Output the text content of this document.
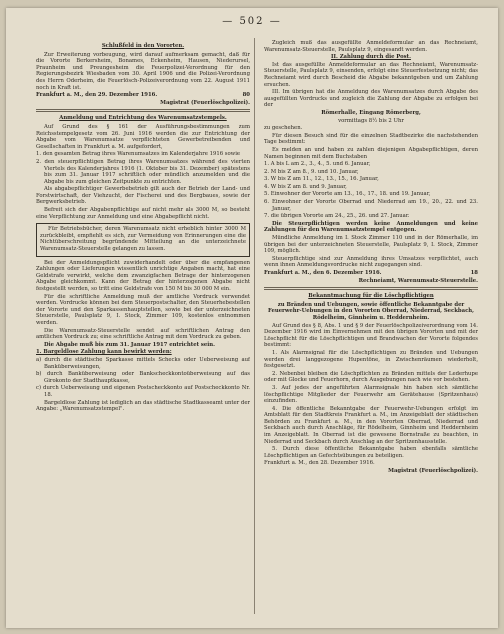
— 502 —

Schlußfeld in den Vororten.

Zur Erweiterung vorbeugung, wird darauf aufmerksam gemacht, daß für die Vororte Berkersheim, Bonames, Eckenheim, Hausen, Niederursel, Praunheim und Preungesheim die Feuerpolizei-Verordnung für den Regierungsbezirk Wiesbaden vom 30. April 1906 und die Polizei-Verordnung des Herrn Oderheim, die Feuerlösch-Polizeiverordnung vom 22. August 1911 noch in Kraft ist.

Frankfurt a. M., den 29. Dezember 1916.	80

Magistrat (Feuerlöschpolizei).

Anmeldung und Entrichtung des Warenumsatzstempels.

Auf Grund des § 161 der Ausführungsbestimmungen zum Reichsstempelgesetz vom 26. Juni 1916 werden die zur Entrichtung der Abgabe vom Warenumsatze verpflichteten Gewerbetreibenden und Gesellschaften in Frankfurt a. M. aufgefordert,

1. den gesamten Betrag ihres Warenumsatzes im Kalenderjahre 1916 sowie

2. den steuerpflichtigen Betrag ihres Warenumsatzes während des vierten Viertels des Kalenderjahres 1916 (1. Oktober bis 31. Dezember) spätestens bis zum 31. Januar 1917 schriftlich oder mündlich anzumelden und die Abgabe bis zum gleichen Zeitpunkte zu entrichten.

Als abgabepflichtiger Gewerbebetrieb gilt auch der Betrieb der Land- und Forstwirtschaft, der Viehzucht, der Fischerei und des Bergbaues, sowie der Bergwerksbetrieb.

Befreit sich der Abgabenpflichtige auf nicht mehr als 3000 M, so besteht eine Verpflichtung zur Anmeldung und eine Abgabepflicht nicht.

Für Betriebsbücher, deren Warenumsatz nicht erheblich hinter 3000 M zurückbleibt, empfiehlt es sich, zur Vermeidung von Erinnerungen eine die Nichtüberschreitung begründende Mitteilung an die unterzeichnete Warenumsatz-Steuerstelle gelangen zu lassen.

Bei der Anmeldungspflicht zuwiderhandelt oder über die empfangenen Zahlungen oder Lieferungen wissentlich unrichtige Angaben macht, hat eine Geldstrafe verwirkt, welche dem zwanzigfachen Betrage der hinterzogenen Abgabe gleichkommt. Kann der Betrag der hinterzogenen Abgabe nicht festgestellt werden, so tritt eine Geldstrafe von 150 M bis 30 000 M ein.

Für die schriftliche Anmeldung muß der amtliche Vordruck verwendet werden. Vordrucke können bei dem Steuerpostschalter, den Steuerhebestellen der Vororte und den Sparkassenhauptstellen, sowie bei der unterzeichneten Steuerstelle, Paulsplatz 9, I. Stock, Zimmer 109, kostenlos entnommen werden.

Die Warenumsatz-Steuerstelle sendet auf schriftlichen Antrag den amtlichen Vordruck zu; eine schriftliche Antrag mit dem Vordruck zu geben.

Die Abgabe muß bis zum 31. Januar 1917 entrichtet sein.

1. Bargeldlose Zahlung kann bewirkt werden:

a) durch die städtische Sparkasse mittels Schecks oder Ueberweisung auf Banküberweisungen,

b) durch Banküberweisung oder Bankscheckkontoüberweisung auf das Girokonto der Stadthauptkasse,

c) durch Ueberweisung und eigenen Postscheckkonto auf Postscheckkonto Nr. 18.

Bargeldlose Zahlung ist lediglich an das städtische Stadtkasseamt unter der Angabe: „Warenumsatzstempel".

Zugleich muß das ausgefüllte Anmeldeformular an das Rechneiamt, Warenumsatz-Steuerstelle, Paulsplatz 9, eingesandt werden.

II. Zahlung durch die Post.

Ist das ausgefüllte Anmeldeformular an das Rechneiamt, Warenumsatz-Steuerstelle, Paulsplatz 9, einsenden, erfolgt eine Steuerfestsetzung nicht; das Rechneiamt wird durch Bescheid die Abgabe bekanntgeben und um Zahlung ersuchen.

III. Im übrigen hat die Anmeldung des Warenumsatzes durch Abgabe des ausgefüllten Vordrucks und zugleich die Zahlung der Abgabe zu erfolgen bei der

Römerhalle, Eingang Römerberg,

vormittags 8½ bis 2 Uhr

zu geschehen.

Für diesen Besuch sind für die einzelnen Stadtbezirke die nachstehenden Tage bestimmt:

Es melden an und haben zu zahlen diejenigen Abgabepflichtigen, deren Namen beginnen mit dem Buchstaben

1. A bis L am 2., 3., 4., 5. und 6. Januar,

2. M bis Z am 8., 9. und 10. Januar,

3. W bis Z am 11., 12., 13., 15., 16. Januar,

4. W bis Z am 8. und 9. Januar,

5. Einwohner der Vororte am 13., 16., 17., 18. und 19. Januar,

6. Einwohner der Vororte Oberrad und Niederrad am 19., 20., 22. und 23. Januar,

7. die übrigen Vororte am 24., 25., 26. und 27. Januar.

Die Steuerpflichtigen werden keine Anmeldungen und keine Zahlungen für den Warenumsatzstempel entgegen.

Mündliche Anmeldung im I. Stock Zimmer 110 und in der Römerhalle, im übrigen bei der unterzeichneten Steuerstelle, Paulsplatz 9, I. Stock, Zimmer 109, möglich.

Steuerpflichtige sind zur Anmeldung ihres Umsatzes verpflichtet, auch wenn ihnen Anmeldungsvordrucke nicht zugegangen sind.

Frankfurt a. M., den 6. Dezember 1916.	18

Rechneiamt, Warenumsatz-Steuerstelle.

Bekanntmachung für die Löschpflichtigen

zu Bränden und Uebungen, sowie öffentliche Bekanntgabe der Feuerwehr-Uebungen in den Vororten Oberrad, Niederrad, Seckbach, Rödelheim, Ginnheim u. Heddernheim.

Auf Grund des § 8, Abs. 1 und § 9 der Feuerlöschpolizeiverordnung vom 14. Dezember 1916 wird im Einvernehmen mit den übrigen Vororten und mit der Löschpflicht für die Löschpflichtigen und Brandwachen der Vororte folgendes bestimmt:

1. Als Alarmsignal für die Löschpflichtigen zu Bränden und Uebungen werden drei langgezogene Hupentöne, in Zwischenräumen wiederholt, festgesetzt.

2. Nebenbei bleiben die Löschpflichten zu Bränden mittels der Lederhupe oder mit Glocke und Feuerhorn, durch Ausgebungen nach wie vor bestehen.

3. Auf jedes der angeführten Alarmsignale hin haben sich sämtliche löschpflichtige Mitglieder der Feuerwehr am Gerätehause (Spritzenhaus) einzufinden.

4. Die öffentliche Bekanntgabe der Feuerwehr-Uebungen erfolgt im Amtsblatt für den Stadtkreis Frankfurt a. M., im Anzeigeblatt der städtischen Behörden zu Frankfurt a. M., in den Vororten Oberrad, Niederrad und Seckbach auch durch Anschläge, für Rödelheim, Ginnheim und Heddernheim im Anzeigeblatt. In Oberrad ist die gewesene Bornstraße zu beachten, in Niederrad und Seckbach durch Anschlag an der Spritzenhausstelle.

5. Durch diese öffentliche Bekanntgabe haben ebenfalls sämtliche Löschpflichtigen an Gefechtsübungen zu beteiligen.

Frankfurt a. M., den 28. Dezember 1916.

Magistrat (Feuerlöschpolizei).
